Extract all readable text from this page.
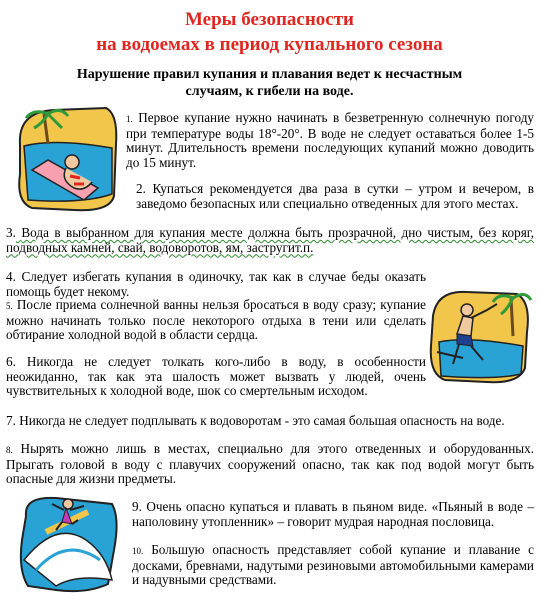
Меры безопасности
на водоемах в период купального сезона
Нарушение правил купания и плавания ведет к несчастным
случаям, к гибели на воде.
1. Первое купание нужно начинать в безветренную солнечную погоду при температуре воды 18°-20°. В воде не следует оставаться более 1-5 минут. Длительность времени последующих купаний можно доводить до 15 минут.
2. Купаться рекомендуется два раза в сутки – утром и вечером, в заведомо безопасных или специально отведенных для этого местах.
3. Вода в выбранном для купания месте должна быть прозрачной, дно чистым, без коряг, подводных камней, свай, водоворотов, ям, застругит.п.
4. Следует избегать купания в одиночку, так как в случае беды оказать помощь будет некому.
5. После приема солнечной ванны нельзя бросаться в воду сразу; купание можно начинать только после некоторого отдыха в тени или сделать обтирание холодной водой в области сердца.
6. Никогда не следует толкать кого-либо в воду, в особенности неожиданно, так как эта шалость может вызвать у людей, очень чувствительных к холодной воде, шок со смертельным исходом.
7. Никогда не следует подплывать к водоворотам - это самая большая опасность на воде.
8. Нырять можно лишь в местах, специально для этого отведенных и оборудованных. Прыгать головой в воду с плавучих сооружений опасно, так как под водой могут быть опасные для жизни предметы.
9. Очень опасно купаться и плавать в пьяном виде. «Пьяный в воде – наполовину утопленник» – говорит мудрая народная пословица.
10. Большую опасность представляет собой купание и плавание с досками, бревнами, надутыми резиновыми автомобильными камерами и надувными средствами.
